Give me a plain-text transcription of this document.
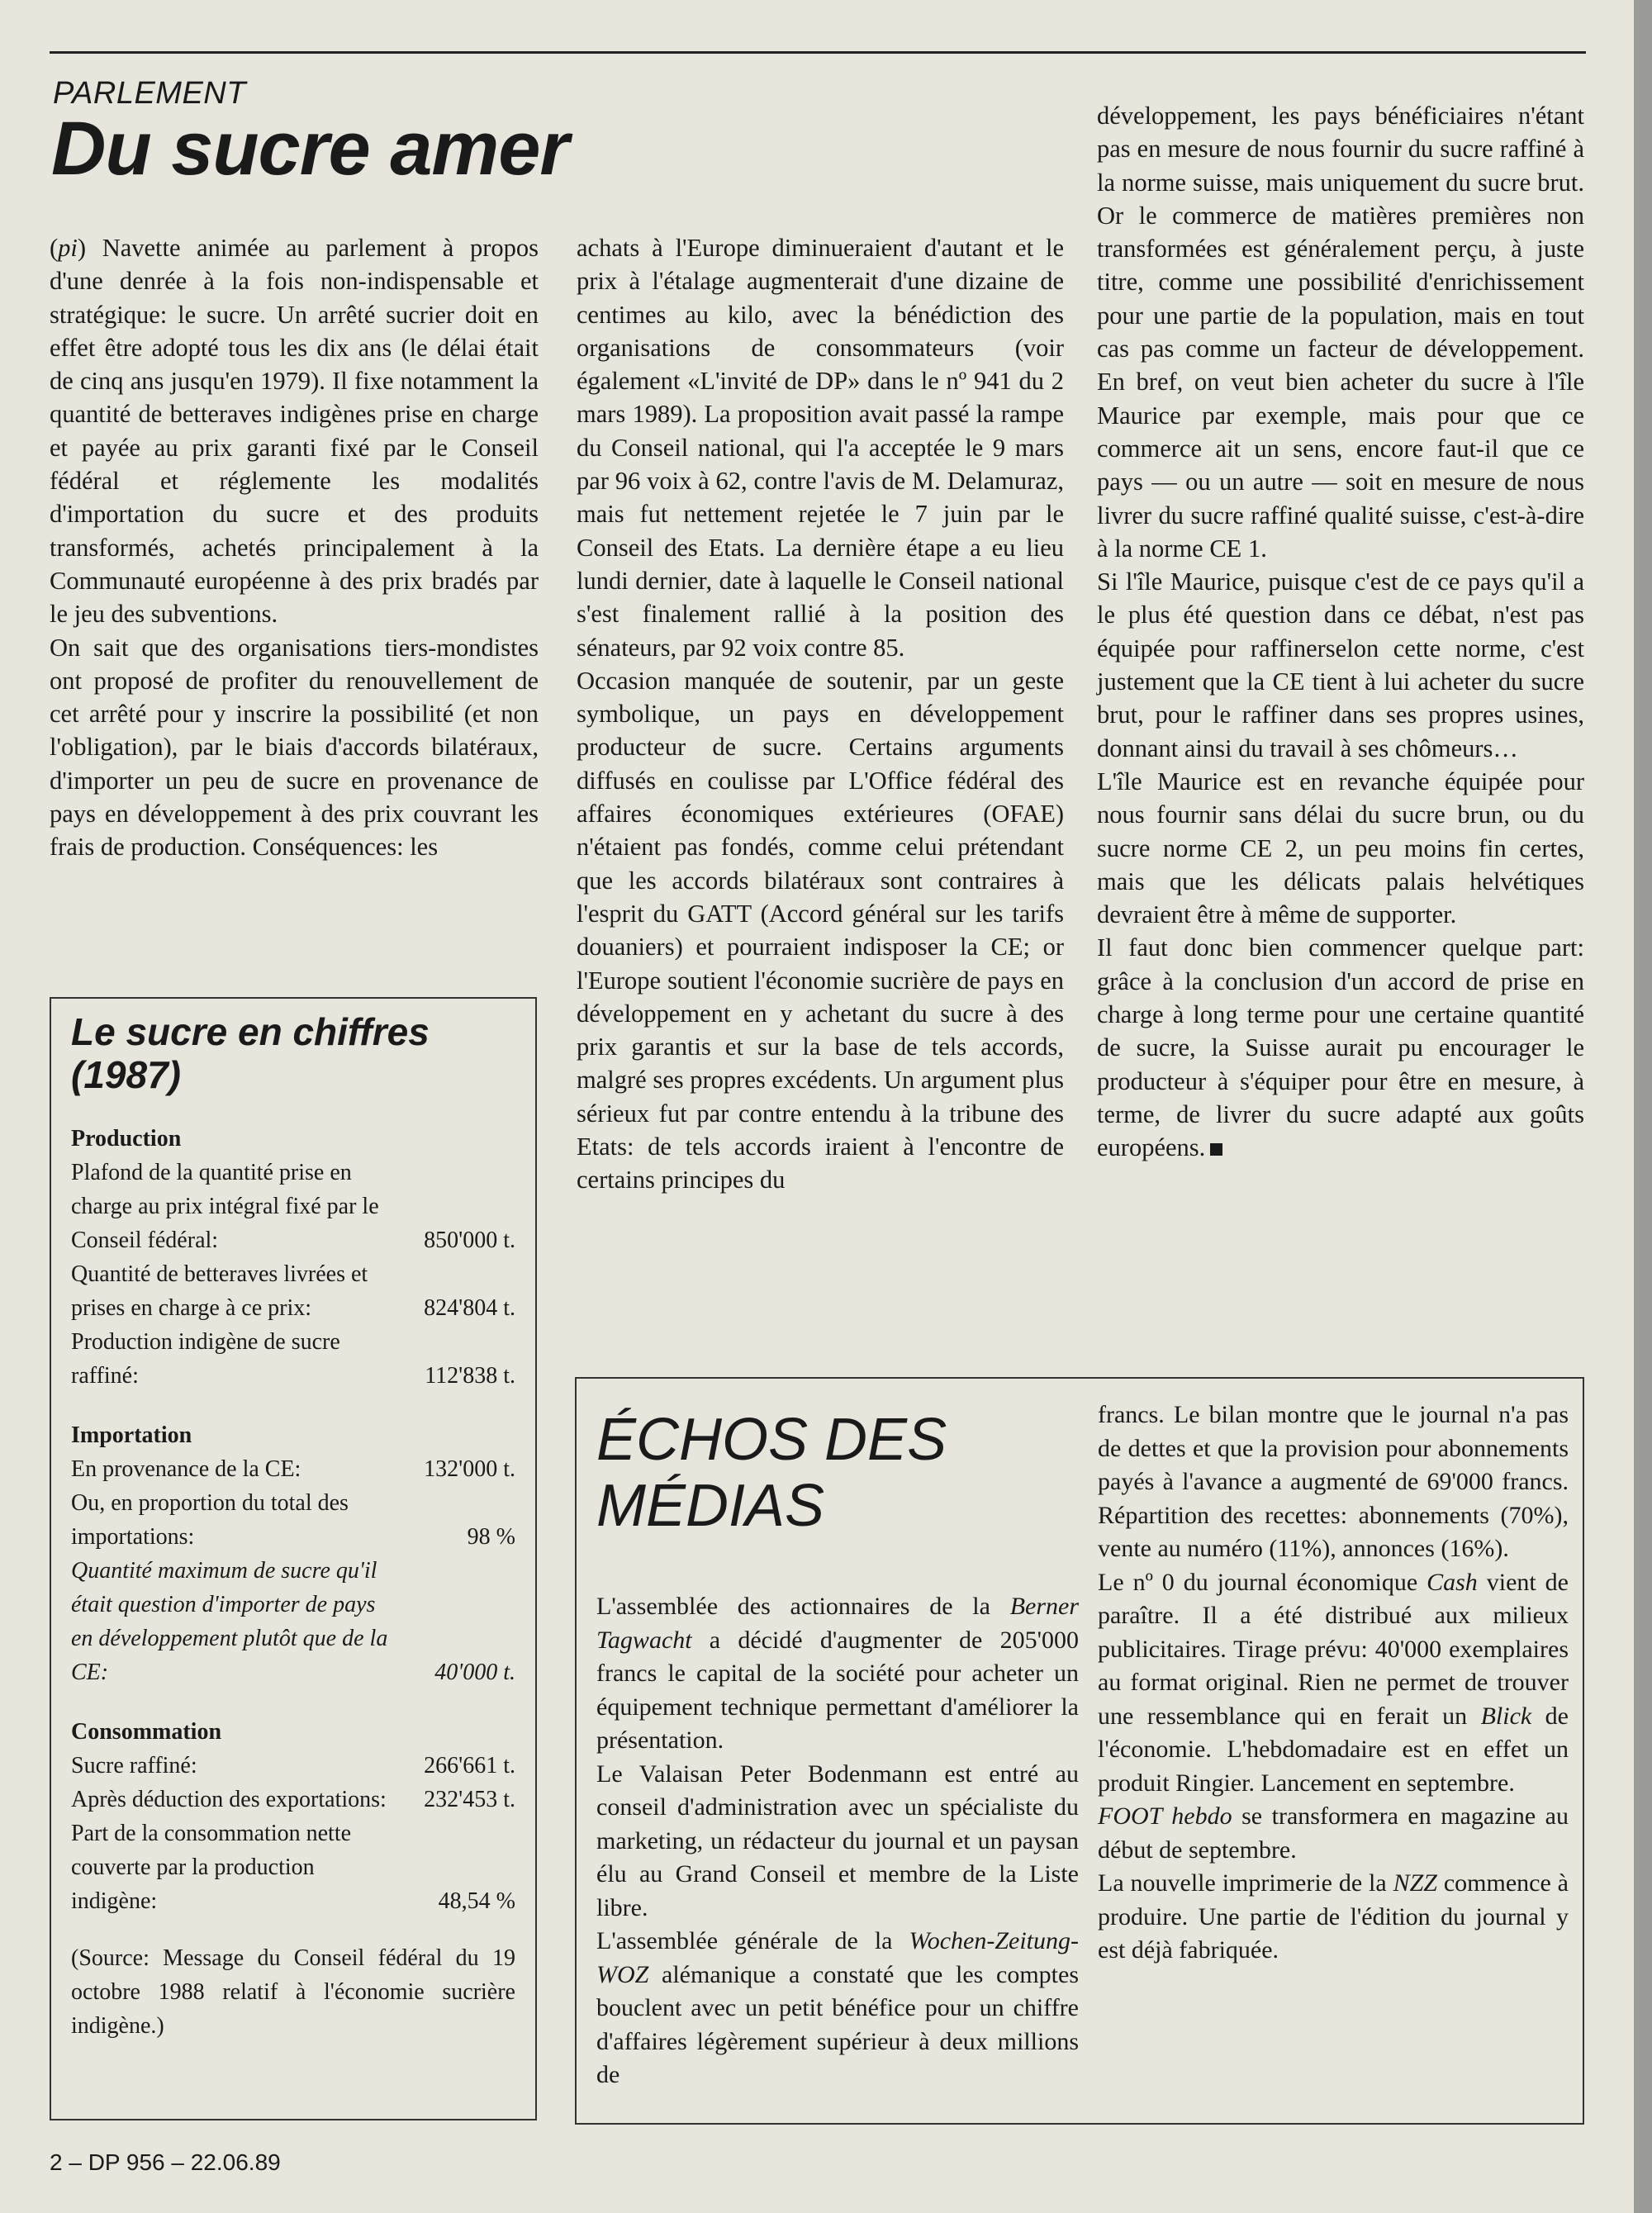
PARLEMENT
Du sucre amer

(pi) Navette animée au parlement à propos d'une denrée à la fois non-indispensable et stratégique: le sucre. Un arrêté sucrier doit en effet être adopté tous les dix ans (le délai était de cinq ans jusqu'en 1979). Il fixe notamment la quantité de betteraves indigènes prise en charge et payée au prix garanti fixé par le Conseil fédéral et réglemente les modalités d'importation du sucre et des produits transformés, achetés principalement à la Communauté européenne à des prix bradés par le jeu des subventions.

On sait que des organisations tiers-mondistes ont proposé de profiter du renouvellement de cet arrêté pour y inscrire la possibilité (et non l'obligation), par le biais d'accords bilatéraux, d'importer un peu de sucre en provenance de pays en développement à des prix couvrant les frais de production. Conséquences: les

achats à l'Europe diminueraient d'autant et le prix à l'étalage augmenterait d'une dizaine de centimes au kilo, avec la bénédiction des organisations de consommateurs (voir également «L'invité de DP» dans le nº 941 du 2 mars 1989). La proposition avait passé la rampe du Conseil national, qui l'a acceptée le 9 mars par 96 voix à 62, contre l'avis de M. Delamuraz, mais fut nettement rejetée le 7 juin par le Conseil des Etats. La dernière étape a eu lieu lundi dernier, date à laquelle le Conseil national s'est finalement rallié à la position des sénateurs, par 92 voix contre 85.

Occasion manquée de soutenir, par un geste symbolique, un pays en développement producteur de sucre. Certains arguments diffusés en coulisse par L'Office fédéral des affaires économiques extérieures (OFAE) n'étaient pas fondés, comme celui prétendant que les accords bilatéraux sont contraires à l'esprit du GATT (Accord général sur les tarifs douaniers) et pourraient indisposer la CE; or l'Europe soutient l'économie sucrière de pays en développement en y achetant du sucre à des prix garantis et sur la base de tels accords, malgré ses propres excédents. Un argument plus sérieux fut par contre entendu à la tribune des Etats: de tels accords iraient à l'encontre de certains principes du

développement, les pays bénéficiaires n'étant pas en mesure de nous fournir du sucre raffiné à la norme suisse, mais uniquement du sucre brut. Or le commerce de matières premières non transformées est généralement perçu, à juste titre, comme une possibilité d'enrichissement pour une partie de la population, mais en tout cas pas comme un facteur de développement. En bref, on veut bien acheter du sucre à l'île Maurice par exemple, mais pour que ce commerce ait un sens, encore faut-il que ce pays — ou un autre — soit en mesure de nous livrer du sucre raffiné qualité suisse, c'est-à-dire à la norme CE 1.

Si l'île Maurice, puisque c'est de ce pays qu'il a le plus été question dans ce débat, n'est pas équipée pour raffinerselon cette norme, c'est justement que la CE tient à lui acheter du sucre brut, pour le raffiner dans ses propres usines, donnant ainsi du travail à ses chômeurs…

L'île Maurice est en revanche équipée pour nous fournir sans délai du sucre brun, ou du sucre norme CE 2, un peu moins fin certes, mais que les délicats palais helvétiques devraient être à même de supporter.

Il faut donc bien commencer quelque part: grâce à la conclusion d'un accord de prise en charge à long terme pour une certaine quantité de sucre, la Suisse aurait pu encourager le producteur à s'équiper pour être en mesure, à terme, de livrer du sucre adapté aux goûts européens.

Le sucre en chiffres (1987)
Production
Plafond de la quantité prise en charge au prix intégral fixé par le Conseil fédéral:	850'000 t.
Quantité de betteraves livrées et prises en charge à ce prix:	824'804 t.
Production indigène de sucre raffiné:	112'838 t.
Importation
En provenance de la CE:	132'000 t.
Ou, en proportion du total des importations:	98 %
Quantité maximum de sucre qu'il était question d'importer de pays en développement plutôt que de la CE:	40'000 t.
Consommation
Sucre raffiné:	266'661 t.
Après déduction des exportations: 232'453 t.
Part de la consommation nette couverte par la production indigène:	48,54 %
(Source: Message du Conseil fédéral du 19 octobre 1988 relatif à l'économie sucrière indigène.)
ÉCHOS DES
MÉDIAS

L'assemblée des actionnaires de la Berner Tagwacht a décidé d'augmenter de 205'000 francs le capital de la société pour acheter un équipement technique permettant d'améliorer la présentation.

Le Valaisan Peter Bodenmann est entré au conseil d'administration avec un spécialiste du marketing, un rédacteur du journal et un paysan élu au Grand Conseil et membre de la Liste libre.

L'assemblée générale de la Wochen-Zeitung-WOZ alémanique a constaté que les comptes bouclent avec un petit bénéfice pour un chiffre d'affaires légèrement supérieur à deux millions de

francs. Le bilan montre que le journal n'a pas de dettes et que la provision pour abonnements payés à l'avance a augmenté de 69'000 francs. Répartition des recettes: abonnements (70%), vente au numéro (11%), annonces (16%).

Le nº 0 du journal économique Cash vient de paraître. Il a été distribué aux milieux publicitaires. Tirage prévu: 40'000 exemplaires au format original. Rien ne permet de trouver une ressemblance qui en ferait un Blick de l'économie. L'hebdomadaire est en effet un produit Ringier. Lancement en septembre.

FOOT hebdo se transformera en magazine au début de septembre.

La nouvelle imprimerie de la NZZ commence à produire. Une partie de l'édition du journal y est déjà fabriquée.

2 – DP 956 – 22.06.89
